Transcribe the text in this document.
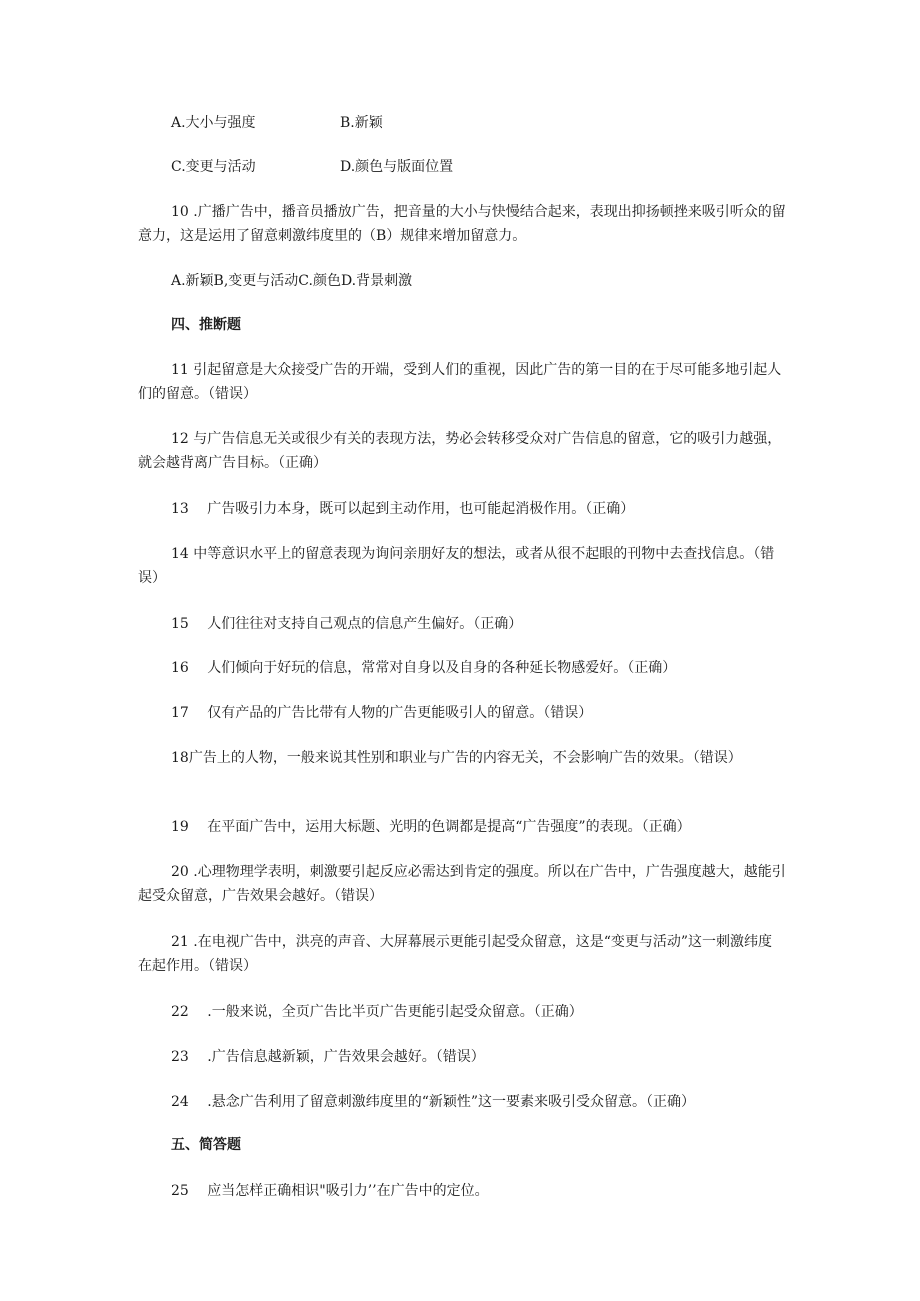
A.大小与强度	B.新颖
C.变更与活动	D.颜色与版面位置
10 .广播广告中，播音员播放广告，把音量的大小与快慢结合起来，表现出抑扬顿挫来吸引听众的留意力，这是运用了留意刺激纬度里的（B）规律来增加留意力。
A.新颖B,变更与活动C.颜色D.背景刺激
四、推断题
11 引起留意是大众接受广告的开端，受到人们的重视，因此广告的第一目的在于尽可能多地引起人们的留意。（错误）
12 与广告信息无关或很少有关的表现方法，势必会转移受众对广告信息的留意，它的吸引力越强，就会越背离广告目标。（正确）
13　 广告吸引力本身，既可以起到主动作用，也可能起消极作用。（正确）
14 中等意识水平上的留意表现为询问亲朋好友的想法，或者从很不起眼的刊物中去查找信息。（错误）
15　 人们往往对支持自己观点的信息产生偏好。（正确）
16　 人们倾向于好玩的信息，常常对自身以及自身的各种延长物感爱好。（正确）
17　 仅有产品的广告比带有人物的广告更能吸引人的留意。（错误）
18广告上的人物，一般来说其性别和职业与广告的内容无关，不会影响广告的效果。（错误）
19　 在平面广告中，运用大标题、光明的色调都是提高“广告强度”的表现。（正确）
20 .心理物理学表明，刺激要引起反应必需达到肯定的强度。所以在广告中，广告强度越大，越能引起受众留意，广告效果会越好。（错误）
21 .在电视广告中，洪亮的声音、大屏幕展示更能引起受众留意，这是“变更与活动”这一刺激纬度在起作用。（错误）
22　 .一般来说，全页广告比半页广告更能引起受众留意。（正确）
23　 .广告信息越新颖，广告效果会越好。（错误）
24　 .悬念广告利用了留意刺激纬度里的“新颖性”这一要素来吸引受众留意。（正确）
五、简答题
25　 应当怎样正确相识"吸引力’’在广告中的定位。
